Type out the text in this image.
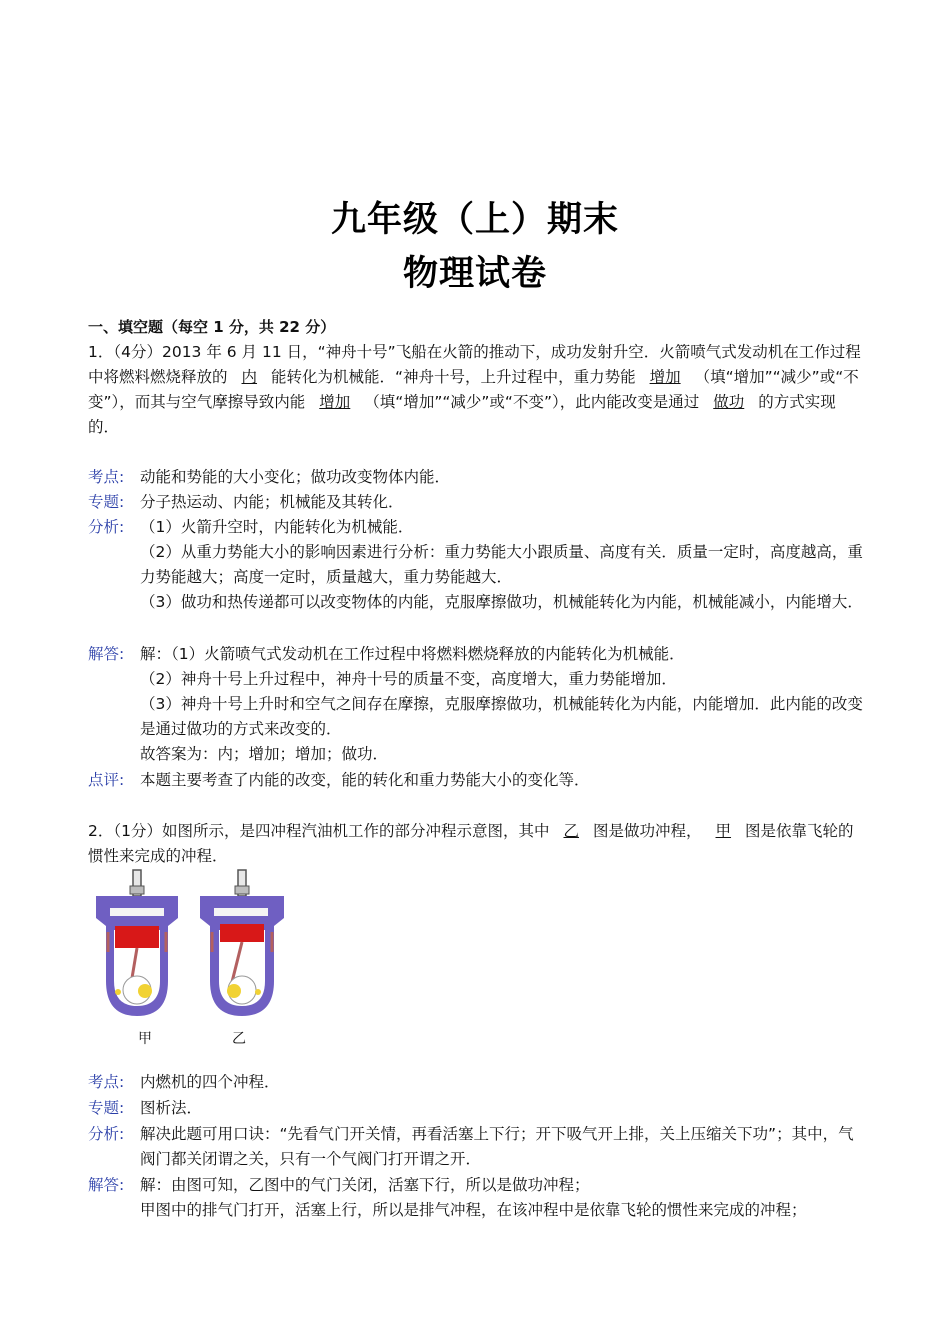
九年级（上）期末
物理试卷
一、填空题（每空 1 分，共 22 分）
1．（4分）2013 年 6 月 11 日，“神舟十号”飞船在火箭的推动下，成功发射升空．火箭喷气式发动机在工作过程中将燃料燃烧释放的 内 能转化为机械能．“神舟十号，上升过程中，重力势能 增加 （填“增加”“减少”或“不变”），而其与空气摩擦导致内能 增加 （填“增加”“减少”或“不变”），此内能改变是通过 做功 的方式实现的．
考点:	动能和势能的大小变化；做功改变物体内能．
专题:	分子热运动、内能；机械能及其转化．
分析:	（1）火箭升空时，内能转化为机械能．

（2）从重力势能大小的影响因素进行分析：重力势能大小跟质量、高度有关．质量一定时，高度越高，重力势能越大；高度一定时，质量越大，重力势能越大．

（3）做功和热传递都可以改变物体的内能，克服摩擦做功，机械能转化为内能，机械能减小，内能增大．

解答:	解：（1）火箭喷气式发动机在工作过程中将燃料燃烧释放的内能转化为机械能．

（2）神舟十号上升过程中，神舟十号的质量不变，高度增大，重力势能增加．

（3）神舟十号上升时和空气之间存在摩擦，克服摩擦做功，机械能转化为内能，内能增加．此内能的改变是通过做功的方式来改变的．

故答案为：内；增加；增加；做功．

点评:	本题主要考查了内能的改变，能的转化和重力势能大小的变化等．
2．（1分）如图所示，是四冲程汽油机工作的部分冲程示意图，其中 乙 图是做功冲程， 甲 图是依靠飞轮的惯性来完成的冲程．
甲	乙
考点:	内燃机的四个冲程．
专题:	图析法．
分析:	解决此题可用口诀：“先看气门开关情，再看活塞上下行；开下吸气开上排，关上压缩关下功”；其中，气阀门都关闭谓之关，只有一个气阀门打开谓之开．
解答:	解：由图可知，乙图中的气门关闭，活塞下行，所以是做功冲程；

甲图中的排气门打开，活塞上行，所以是排气冲程，在该冲程中是依靠飞轮的惯性来完成的冲程；
